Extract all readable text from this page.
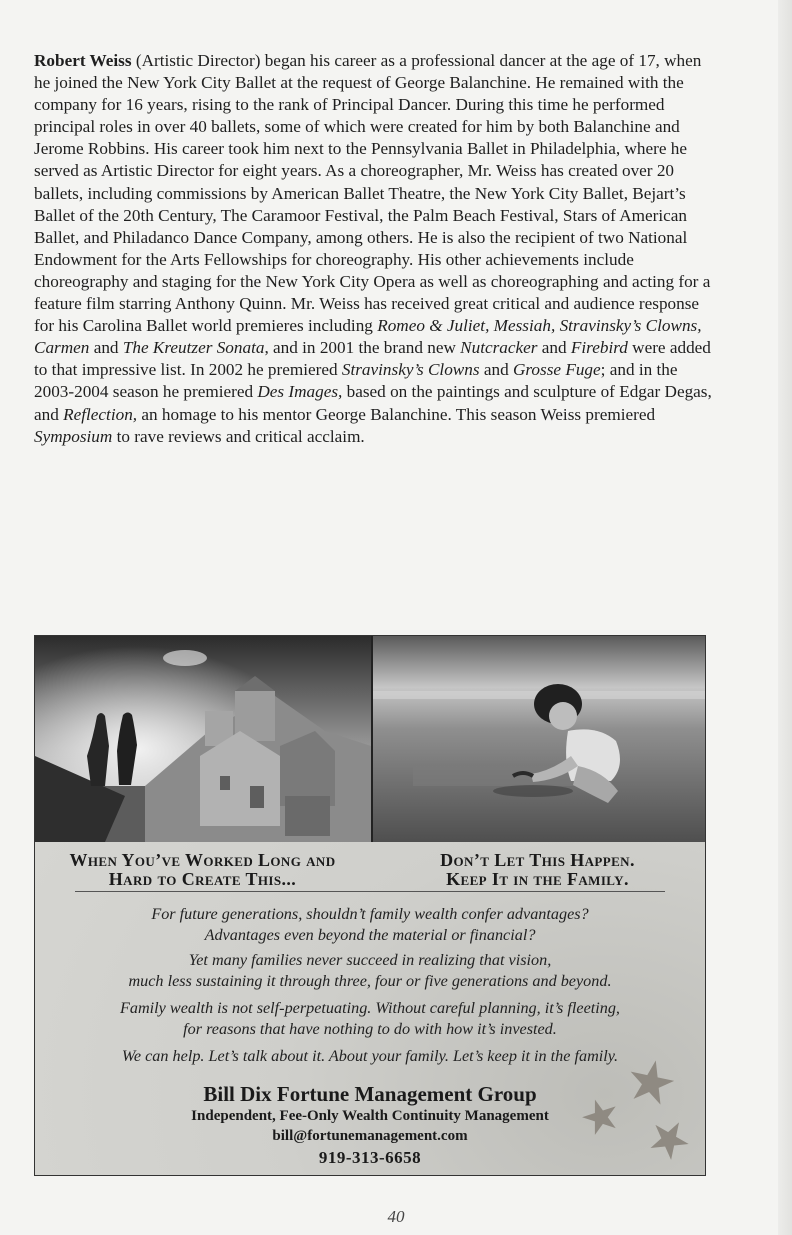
Robert Weiss (Artistic Director) began his career as a professional dancer at the age of 17, when he joined the New York City Ballet at the request of George Balanchine. He remained with the company for 16 years, rising to the rank of Principal Dancer. During this time he performed principal roles in over 40 ballets, some of which were created for him by both Balanchine and Jerome Robbins. His career took him next to the Pennsylvania Ballet in Philadelphia, where he served as Artistic Director for eight years. As a choreographer, Mr. Weiss has created over 20 ballets, including commissions by American Ballet Theatre, the New York City Ballet, Bejart’s Ballet of the 20th Century, The Caramoor Festival, the Palm Beach Festival, Stars of American Ballet, and Philadanco Dance Company, among others. He is also the recipient of two National Endowment for the Arts Fellowships for choreography. His other achievements include choreography and staging for the New York City Opera as well as choreographing and acting for a feature film starring Anthony Quinn. Mr. Weiss has received great critical and audience response for his Carolina Ballet world premieres including Romeo & Juliet, Messiah, Stravinsky’s Clowns, Carmen and The Kreutzer Sonata, and in 2001 the brand new Nutcracker and Firebird were added to that impressive list. In 2002 he premiered Stravinsky’s Clowns and Grosse Fuge; and in the 2003-2004 season he premiered Des Images, based on the paintings and sculpture of Edgar Degas, and Reflection, an homage to his mentor George Balanchine. This season Weiss premiered Symposium to rave reviews and critical acclaim.

When You’ve Worked Long and
Hard to Create This...
Don’t Let This Happen.
Keep It in the Family.
For future generations, shouldn’t family wealth confer advantages?
Advantages even beyond the material or financial?
Yet many families never succeed in realizing that vision,
much less sustaining it through three, four or five generations and beyond.
Family wealth is not self-perpetuating. Without careful planning, it’s fleeting,
for reasons that have nothing to do with how it’s invested.
We can help. Let’s talk about it. About your family. Let’s keep it in the family.
Bill Dix Fortune Management Group
Independent, Fee-Only Wealth Continuity Management
bill@fortunemanagement.com
919-313-6658
★
★ ★
40
